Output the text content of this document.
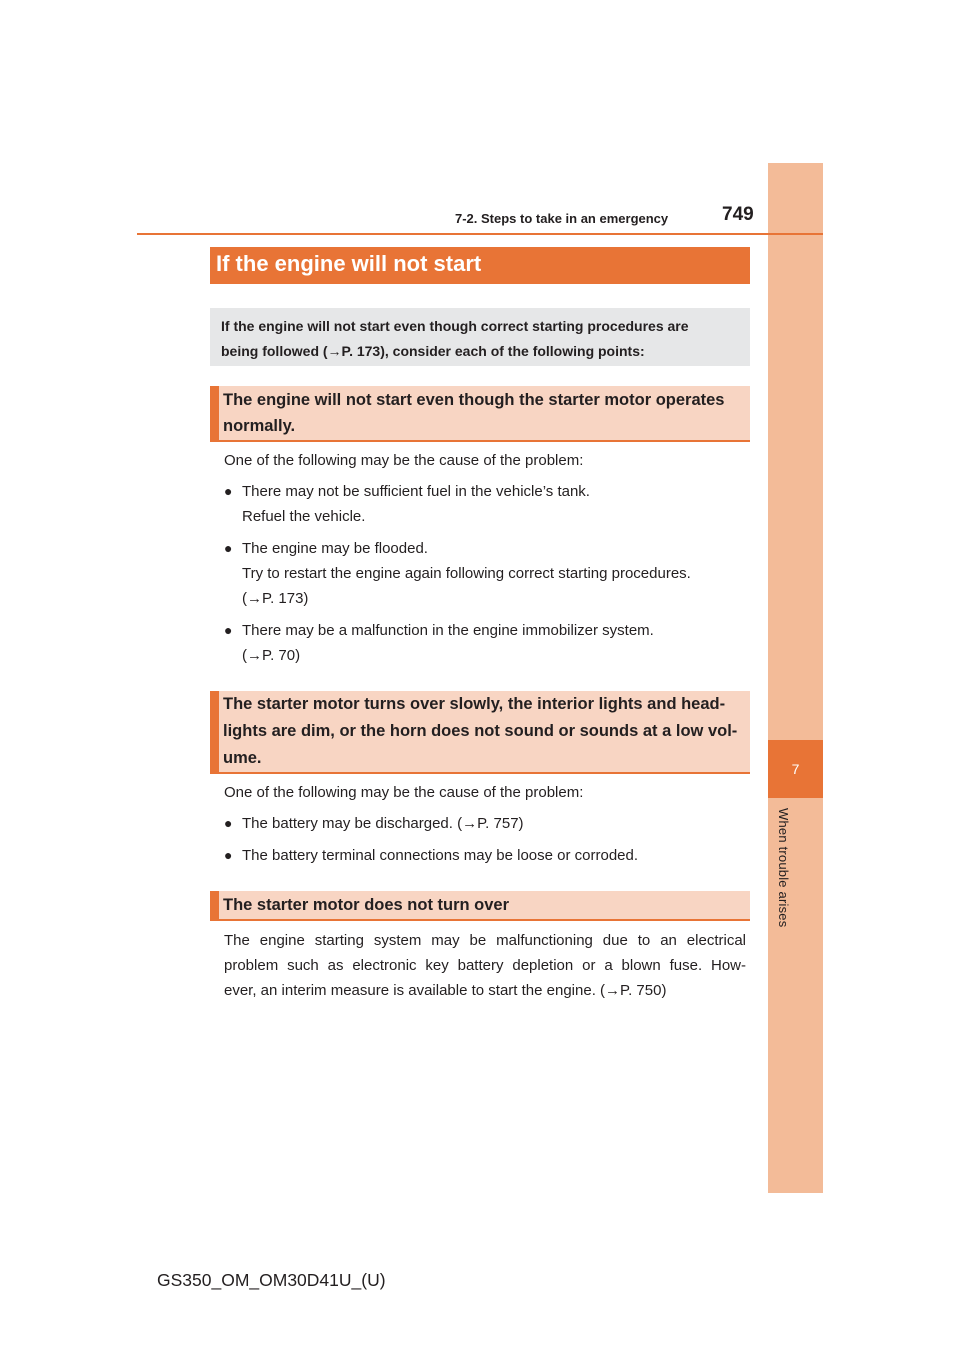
7
When trouble arises
7-2. Steps to take in an emergency	749
If the engine will not start
If the engine will not start even though correct starting procedures are
being followed (→P. 173), consider each of the following points:
The engine will not start even though the starter motor operates
normally.
One of the following may be the cause of the problem:
● There may not be sufficient fuel in the vehicle’s tank.
Refuel the vehicle.
● The engine may be flooded.
Try to restart the engine again following correct starting procedures.
(→P. 173)
● There may be a malfunction in the engine immobilizer system.
(→P. 70)
The starter motor turns over slowly, the interior lights and head-
lights are dim, or the horn does not sound or sounds at a low vol-
ume.
One of the following may be the cause of the problem:
● The battery may be discharged. (→P. 757)
● The battery terminal connections may be loose or corroded.
The starter motor does not turn over
The engine starting system may be malfunctioning due to an electrical
problem such as electronic key battery depletion or a blown fuse. How-
ever, an interim measure is available to start the engine. (→P. 750)
GS350_OM_OM30D41U_(U)
